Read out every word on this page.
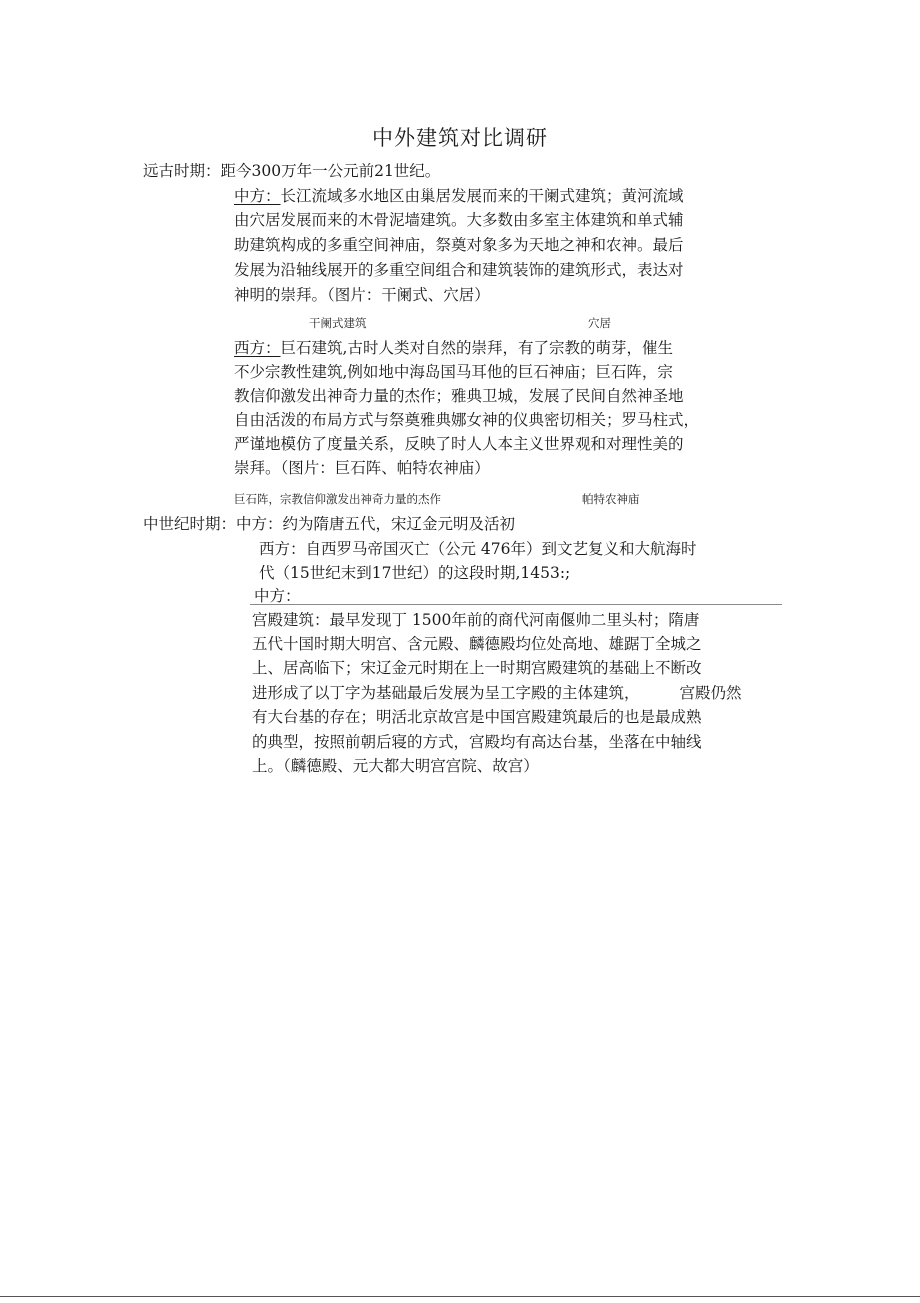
中外建筑对比调研
远古时期：距今300万年一公元前21世纪。
中方：长江流域多水地区由巢居发展而来的干阑式建筑；黄河流域
由穴居发展而来的木骨泥墙建筑。大多数由多室主体建筑和单式辅
助建筑构成的多重空间神庙，祭奠对象多为天地之神和农神。最后
发展为沿轴线展开的多重空间组合和建筑装饰的建筑形式，表达对
神明的崇拜。（图片：干阑式、穴居）
干阑式建筑	穴居
西方：巨石建筑,古时人类对自然的崇拜，有了宗教的萌芽，催生
不少宗教性建筑,例如地中海岛国马耳他的巨石神庙；巨石阵，宗
教信仰激发出神奇力量的杰作；雅典卫城，发展了民间自然神圣地
自由活泼的布局方式与祭奠雅典娜女神的仪典密切相关；罗马柱式，
严谨地模仿了度量关系，反映了时人人本主义世界观和对理性美的
崇拜。（图片：巨石阵、帕特农神庙）
巨石阵，宗教信仰激发出神奇力量的杰作	帕特农神庙
中世纪时期：中方：约为隋唐五代，宋辽金元明及活初
西方：自西罗马帝国灭亡（公元 476年）到文艺复义和大航海时
代（15世纪末到17世纪）的这段时期,1453:;
中方：
宫殿建筑：最早发现丁 1500年前的商代河南偃帅二里头村；隋唐
五代十国时期大明宫、含元殿、麟德殿均位处高地、雄踞丁全城之
上、居高临下；宋辽金元时期在上一时期宫殿建筑的基础上不断改
进形成了以丁字为基础最后发展为呈工字殿的主体建筑，	宫殿仍然
有大台基的存在；明活北京故宫是中国宫殿建筑最后的也是最成熟
的典型，按照前朝后寝的方式，宫殿均有高达台基，坐落在中轴线
上。（麟德殿、元大都大明宫宫院、故宫）
